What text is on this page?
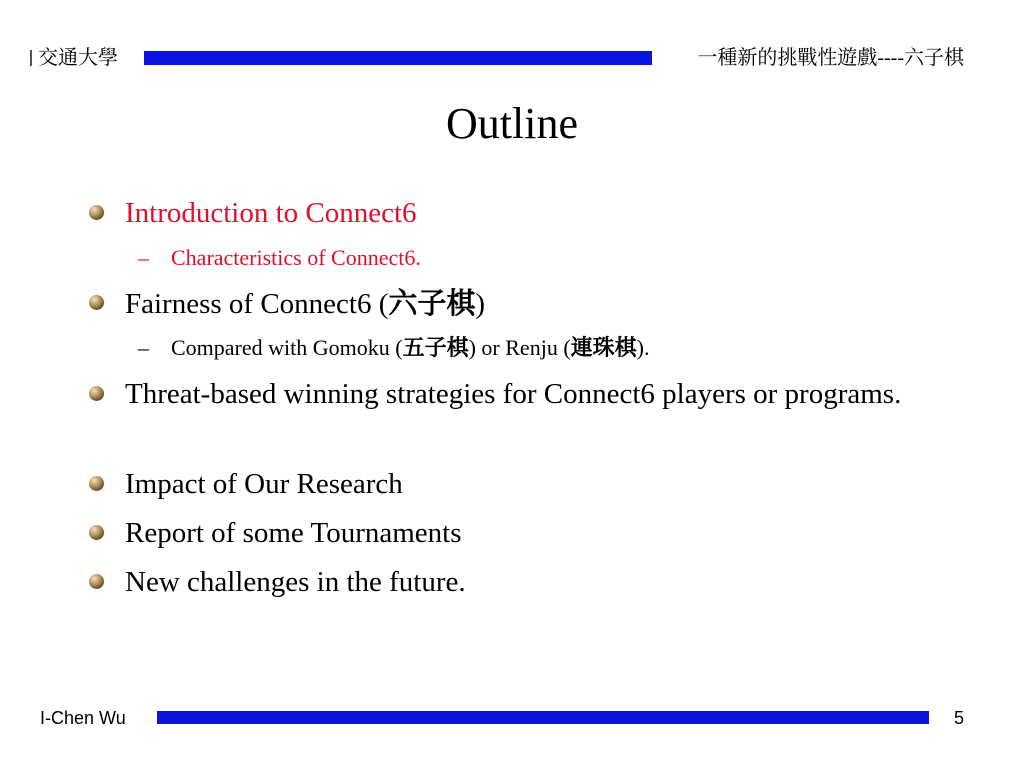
交通大學	一種新的挑戰性遊戲----六子棋
Outline
Introduction to Connect6
– Characteristics of Connect6.
Fairness of Connect6 (六子棋)
– Compared with Gomoku (五子棋) or Renju (連珠棋).
Threat-based winning strategies for Connect6 players or programs.
Impact of Our Research
Report of some Tournaments
New challenges in the future.
I-Chen Wu	5
